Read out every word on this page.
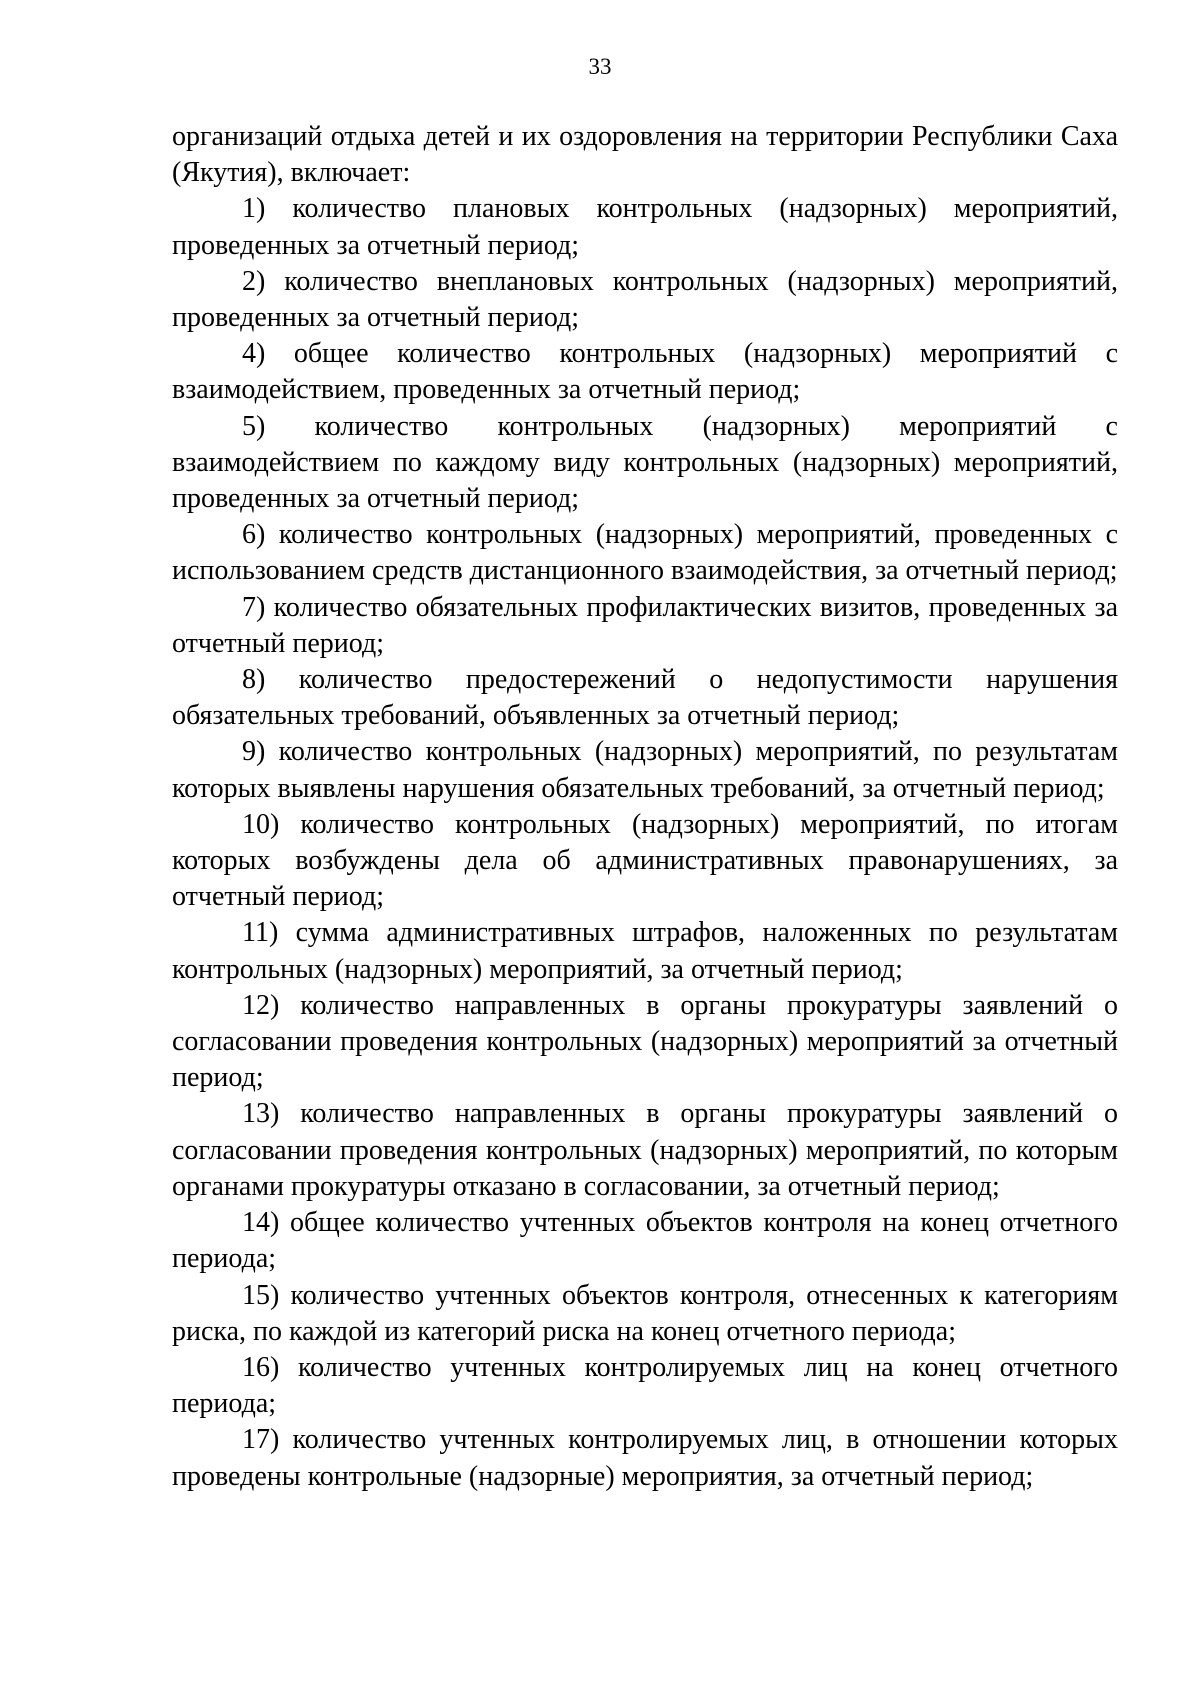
33

организаций отдыха детей и их оздоровления на территории Республики Саха (Якутия), включает:

1) количество плановых контрольных (надзорных) мероприятий, проведенных за отчетный период;

2) количество внеплановых контрольных (надзорных) мероприятий, проведенных за отчетный период;

4) общее количество контрольных (надзорных) мероприятий с взаимодействием, проведенных за отчетный период;

5) количество контрольных (надзорных) мероприятий с взаимодействием по каждому виду контрольных (надзорных) мероприятий, проведенных за отчетный период;

6) количество контрольных (надзорных) мероприятий, проведенных с использованием средств дистанционного взаимодействия, за отчетный период;

7) количество обязательных профилактических визитов, проведенных за отчетный период;

8) количество предостережений о недопустимости нарушения обязательных требований, объявленных за отчетный период;

9) количество контрольных (надзорных) мероприятий, по результатам которых выявлены нарушения обязательных требований, за отчетный период;

10) количество контрольных (надзорных) мероприятий, по итогам которых возбуждены дела об административных правонарушениях, за отчетный период;

11) сумма административных штрафов, наложенных по результатам контрольных (надзорных) мероприятий, за отчетный период;

12) количество направленных в органы прокуратуры заявлений о согласовании проведения контрольных (надзорных) мероприятий за отчетный период;

13) количество направленных в органы прокуратуры заявлений о согласовании проведения контрольных (надзорных) мероприятий, по которым органами прокуратуры отказано в согласовании, за отчетный период;

14) общее количество учтенных объектов контроля на конец отчетного периода;

15) количество учтенных объектов контроля, отнесенных к категориям риска, по каждой из категорий риска на конец отчетного периода;

16) количество учтенных контролируемых лиц на конец отчетного периода;

17) количество учтенных контролируемых лиц, в отношении которых проведены контрольные (надзорные) мероприятия, за отчетный период;
